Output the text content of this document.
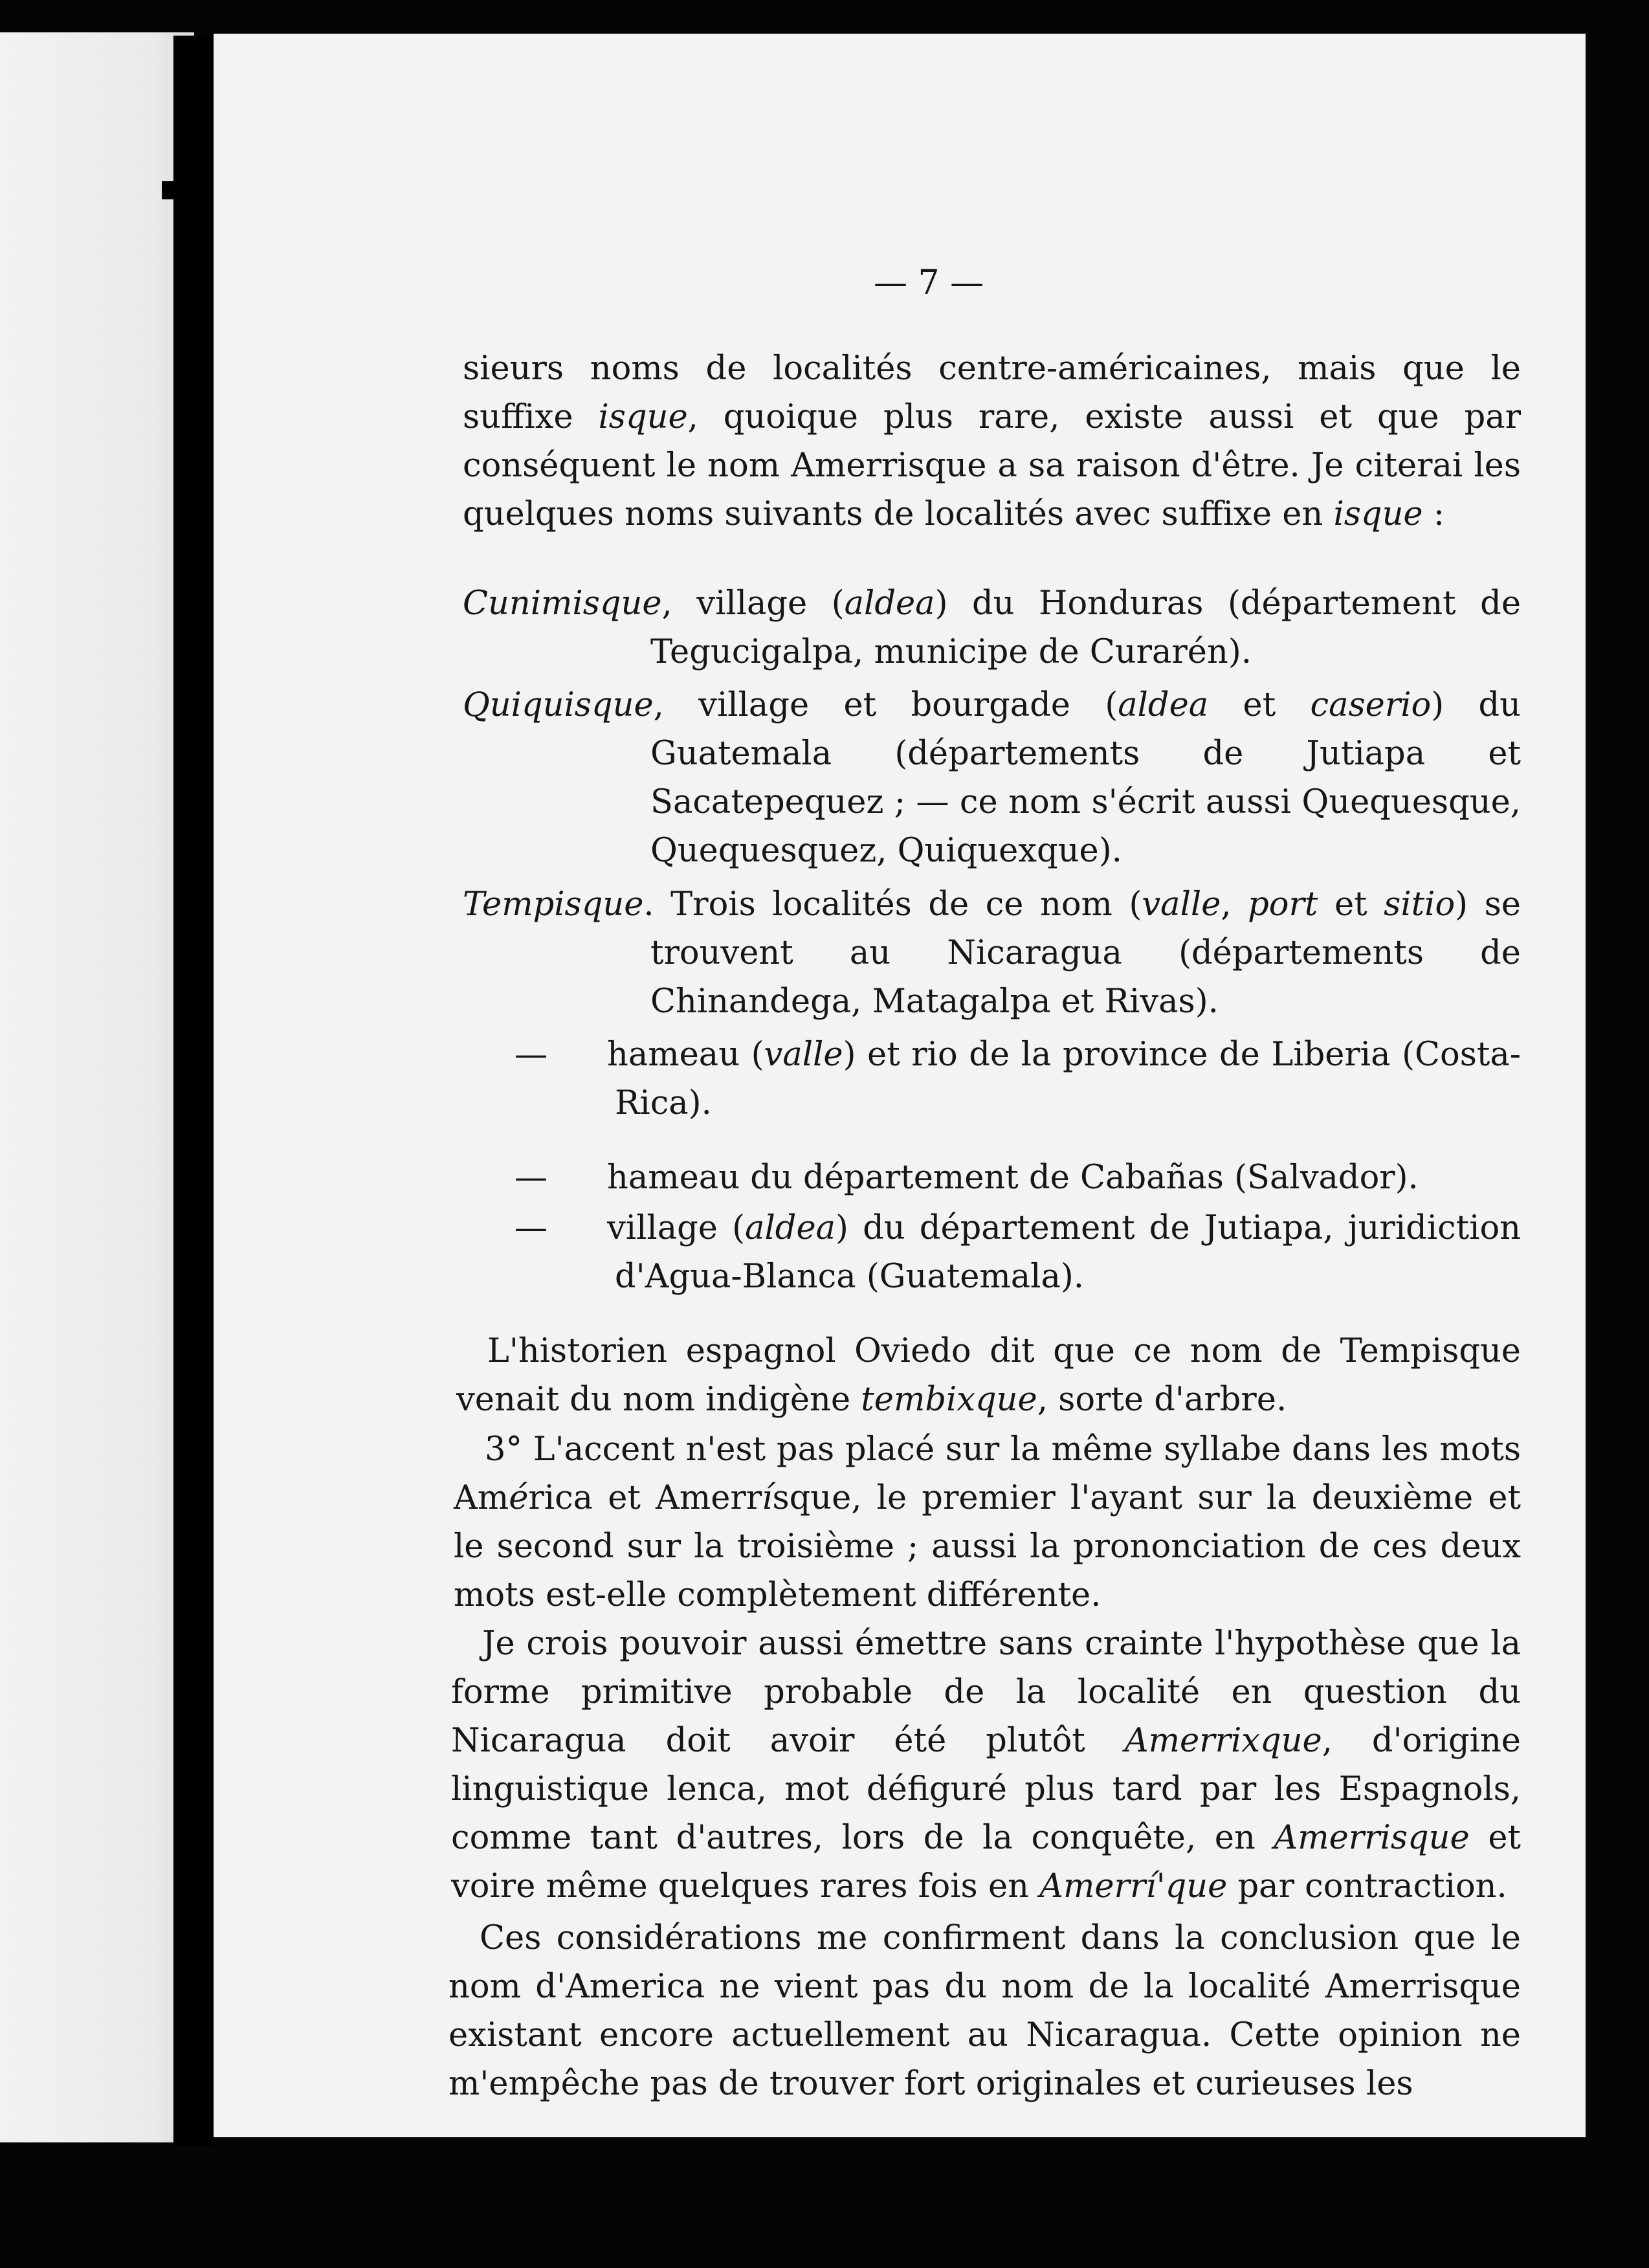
— 7 —

sieurs noms de localités centre-américaines, mais que le suffixe isque, quoique plus rare, existe aussi et que par conséquent le nom Amerrisque a sa raison d'être. Je citerai les quelques noms suivants de localités avec suffixe en isque :

Cunimisque, village (aldea) du Honduras (département de Tegucigalpa, municipe de Curarén).

Quiquisque, village et bourgade (aldea et caserio) du Guatemala (départements de Jutiapa et Sacatepequez ; — ce nom s'écrit aussi Quequesque, Quequesquez, Quiquexque).

Tempisque. Trois localités de ce nom (valle, port et sitio) se trouvent au Nicaragua (départements de Chinandega, Matagalpa et Rivas).

— hameau (valle) et rio de la province de Liberia (Costa-Rica).

— hameau du département de Cabañas (Salvador).

— village (aldea) du département de Jutiapa, juridiction d'Agua-Blanca (Guatemala).

L'historien espagnol Oviedo dit que ce nom de Tempisque venait du nom indigène tembixque, sorte d'arbre.

3° L'accent n'est pas placé sur la même syllabe dans les mots América et Amerrísque, le premier l'ayant sur la deuxième et le second sur la troisième ; aussi la prononciation de ces deux mots est-elle complètement différente.

Je crois pouvoir aussi émettre sans crainte l'hypothèse que la forme primitive probable de la localité en question du Nicaragua doit avoir été plutôt Amerrixque, d'origine linguistique lenca, mot défiguré plus tard par les Espagnols, comme tant d'autres, lors de la conquête, en Amerrisque et voire même quelques rares fois en Amerrí'que par contraction.

Ces considérations me confirment dans la conclusion que le nom d'America ne vient pas du nom de la localité Amerrisque existant encore actuellement au Nicaragua. Cette opinion ne m'empêche pas de trouver fort originales et curieuses les
